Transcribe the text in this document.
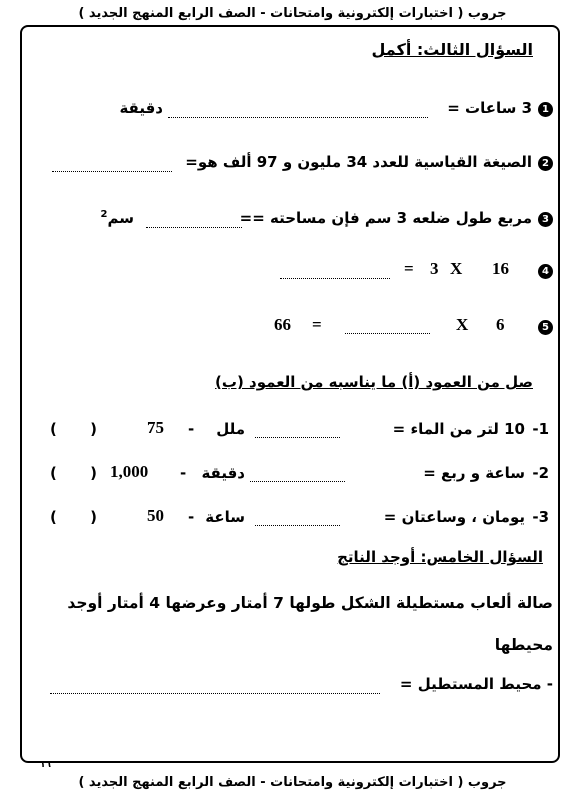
جروب ( اختبارات إلكترونية وامتحانات - الصف الرابع المنهج الجديد )
السؤال الثالث: أكمل
1
3 ساعات =
دقيقة
2
الصيغة القياسية للعدد 34 مليون و 97 ألف هو=
3
مربع طول ضلعه 3 سم فإن مساحته ==
سم$^2$
4
16
X
3
=
5
6
X
=
66
صل من العمود (أ) ما يناسبه من العمود (ب)
1-
10 لتر من الماء =
ملل
-
75
( )
2-
ساعة و ربع =
دقيقة
-
1,000
( )
3-
يومان ، وساعتان =
ساعة
-
50
( )
السؤال الخامس: أوجد الناتج
صالة ألعاب مستطيلة الشكل طولها 7 أمتار وعرضها 4 أمتار أوجد
محيطها
- محيط المستطيل =
١٦
جروب ( اختبارات إلكترونية وامتحانات - الصف الرابع المنهج الجديد )
